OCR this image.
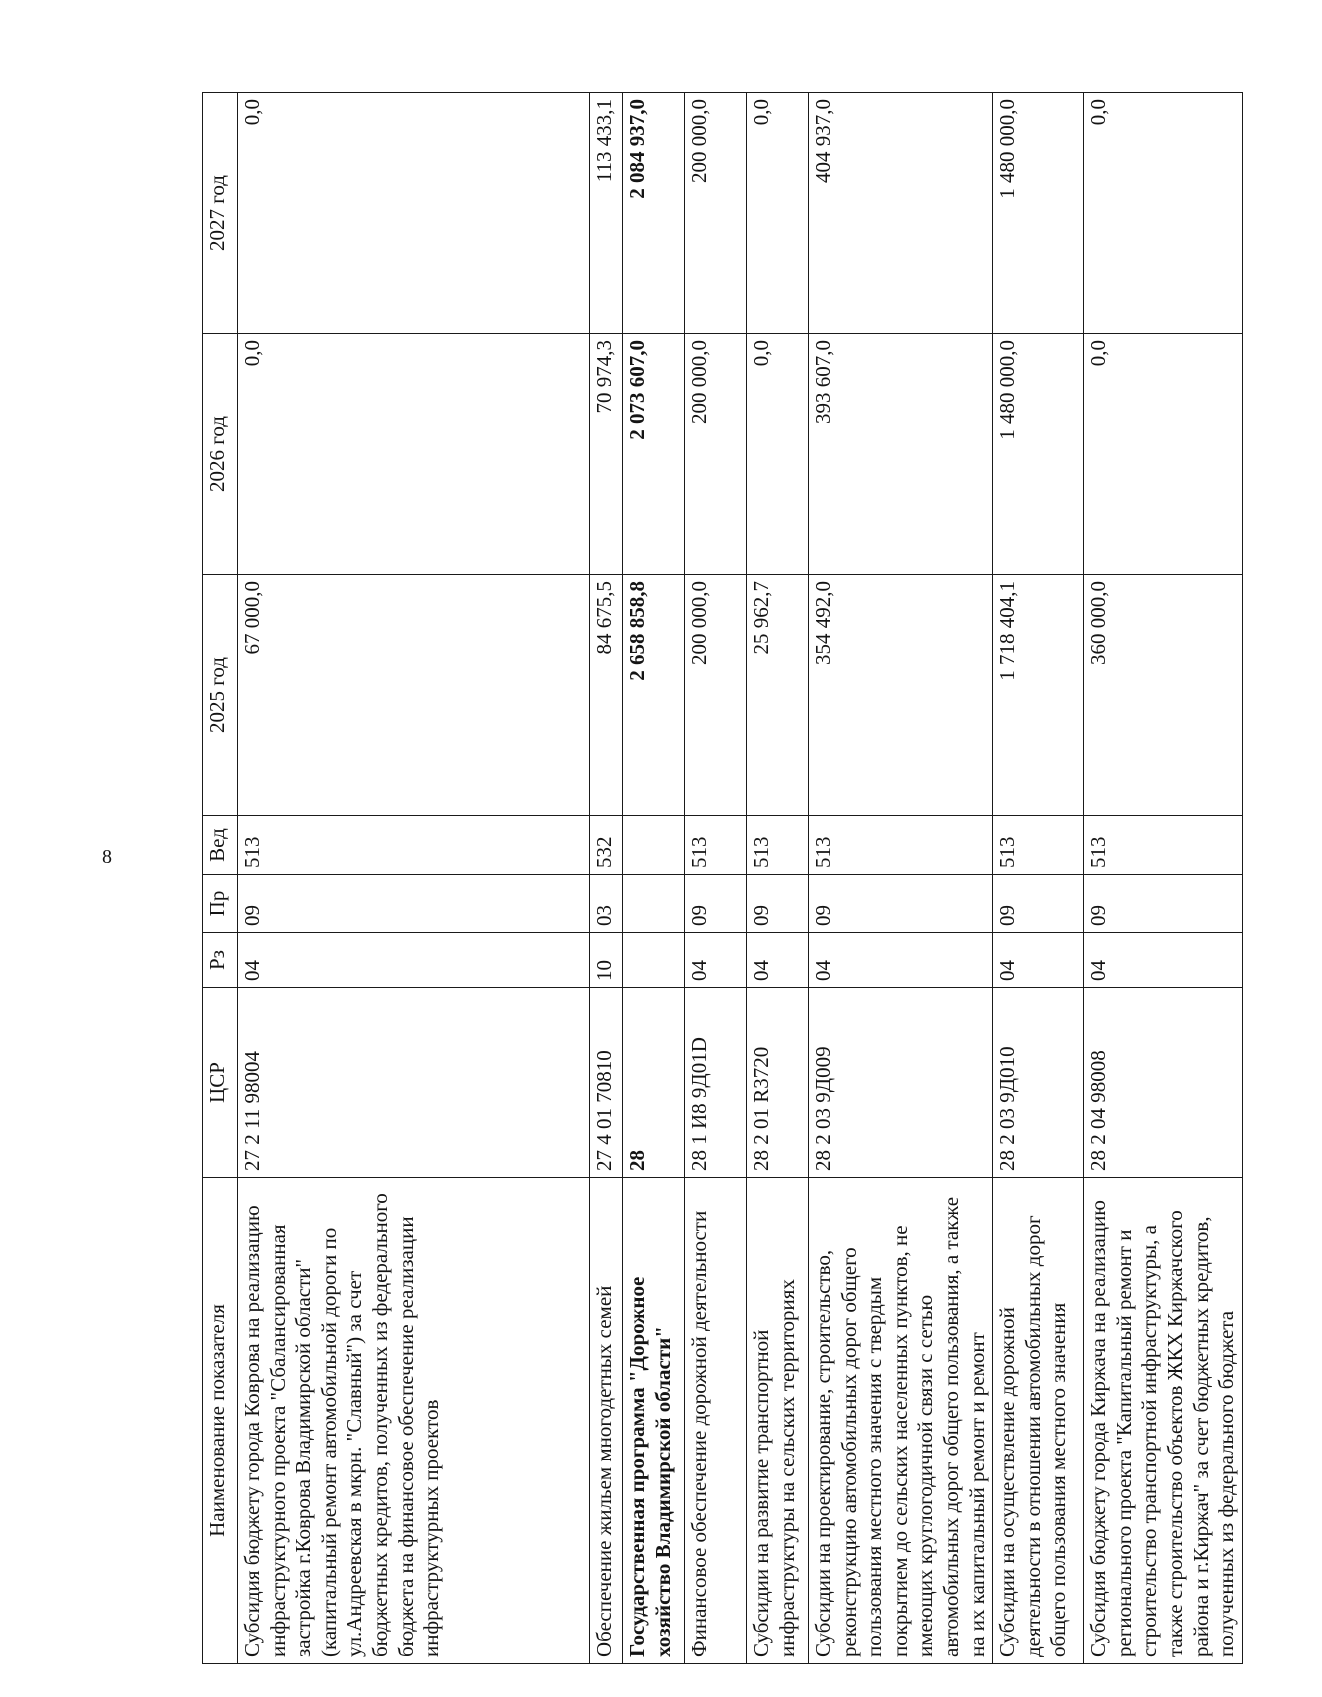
8
Наименование показателя	ЦСР	Рз	Пр	Вед	2025 год	2026 год	2027 год
Субсидия бюджету города Коврова на реализацию инфраструктурного проекта "Сбалансированная застройка г.Коврова Владимирской области" (капитальный ремонт автомобильной дороги по ул.Андреевская в мкрн. "Славный") за счет бюджетных кредитов, полученных из федерального бюджета на финансовое обеспечение реализации инфраструктурных проектов	27 2 11 98004	04	09	513	67 000,0	0,0	0,0
Обеспечение жильем многодетных семей	27 4 01 70810	10	03	532	84 675,5	70 974,3	113 433,1
Государственная программа "Дорожное хозяйство Владимирской области"	28				2 658 858,8	2 073 607,0	2 084 937,0
Финансовое обеспечение дорожной деятельности	28 1 И8 9Д01D	04	09	513	200 000,0	200 000,0	200 000,0
Субсидии на развитие транспортной инфраструктуры на сельских территориях	28 2 01 R3720	04	09	513	25 962,7	0,0	0,0
Субсидии на проектирование, строительство, реконструкцию автомобильных дорог общего пользования местного значения с твердым покрытием до сельских населенных пунктов, не имеющих круглогодичной связи с сетью автомобильных дорог общего пользования, а также на их капитальный ремонт и ремонт	28 2 03 9Д009	04	09	513	354 492,0	393 607,0	404 937,0
Субсидии на осуществление дорожной деятельности в отношении автомобильных дорог общего пользования местного значения	28 2 03 9Д010	04	09	513	1 718 404,1	1 480 000,0	1 480 000,0
Субсидия бюджету города Киржача на реализацию регионального проекта "Капитальный ремонт и строительство транспортной инфраструктуры, а также строительство объектов ЖКХ Киржачского района и г.Киржач" за счет бюджетных кредитов, полученных из федерального бюджета	28 2 04 98008	04	09	513	360 000,0	0,0	0,0
